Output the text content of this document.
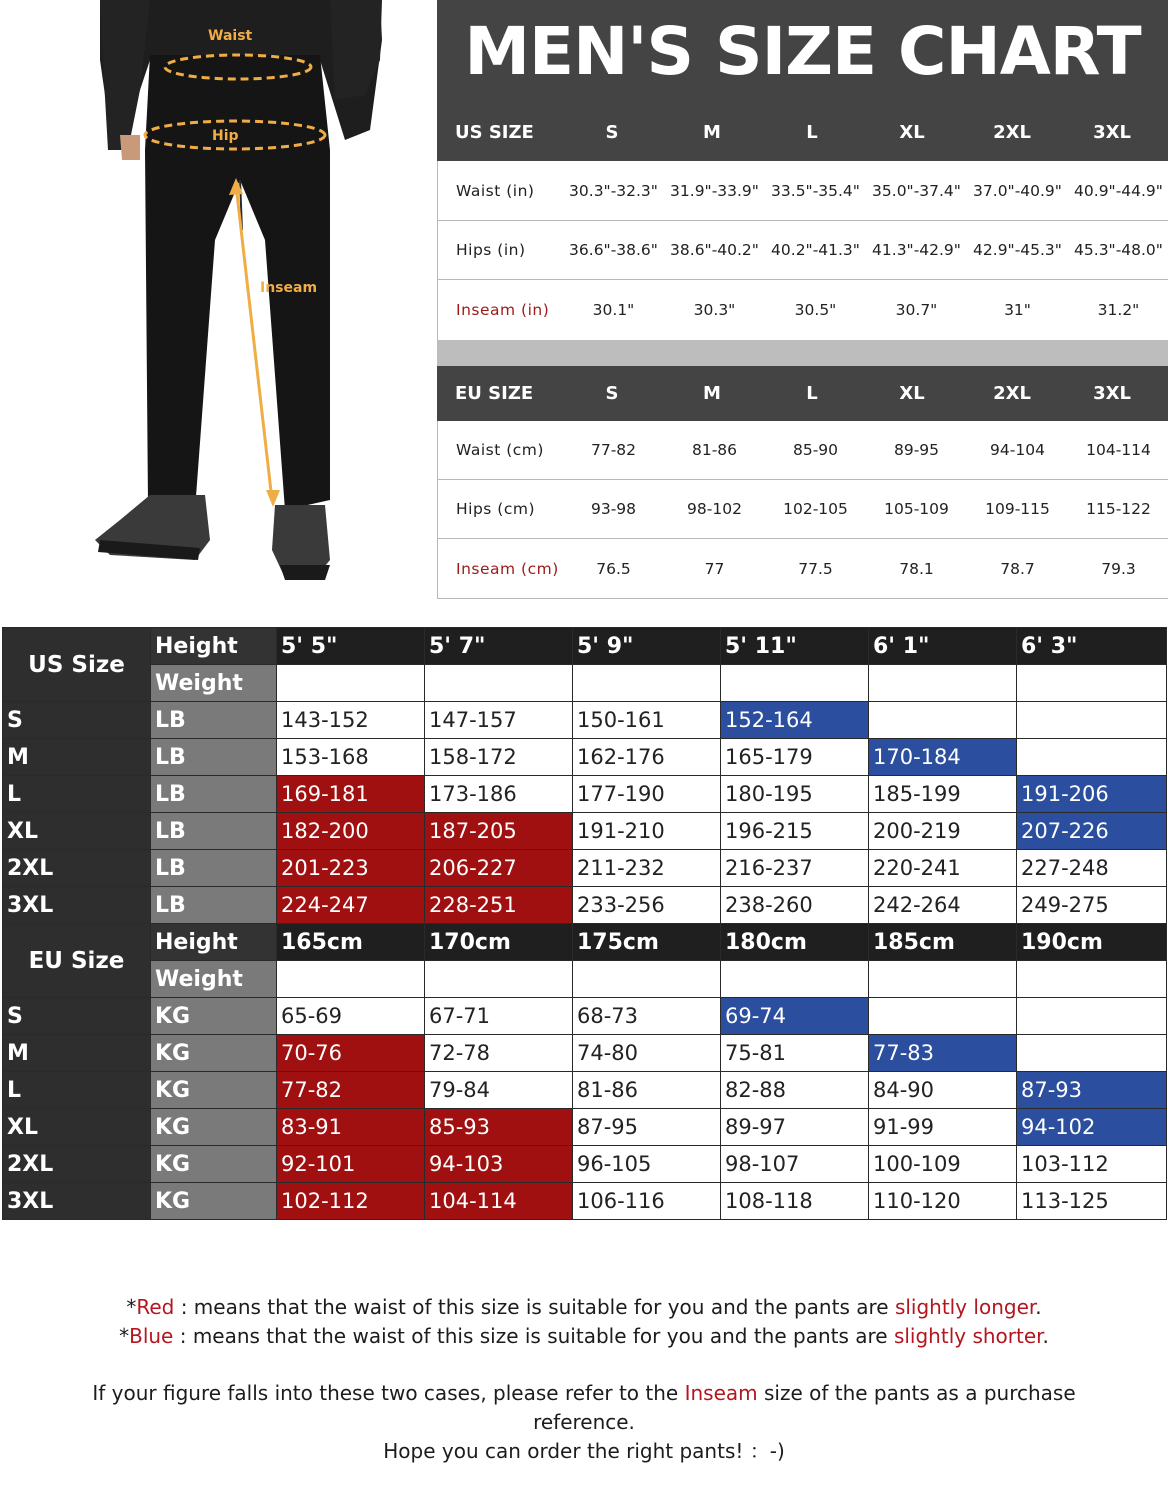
Waist
Hip
Inseam
MEN'S SIZE CHART
US SIZE	S	M	L	XL	2XL	3XL
Waist (in)	30.3"-32.3" 31.9"-33.9" 33.5"-35.4" 35.0"-37.4" 37.0"-40.9" 40.9"-44.9"
Hips (in)	36.6"-38.6" 38.6"-40.2" 40.2"-41.3" 41.3"-42.9" 42.9"-45.3" 45.3"-48.0"
Inseam (in)	30.1"	30.3"	30.5"	30.7"	31"	31.2"
EU SIZE	S	M	L	XL	2XL	3XL
Waist (cm)	77-82	81-86	85-90	89-95	94-104	104-114
Hips (cm)	93-98	98-102	102-105	105-109	109-115	115-122
Inseam (cm)	76.5	77	77.5	78.1	78.7	79.3
US Size	Height	5' 5"	5' 7"	5' 9"	5' 11"	6' 1"	6' 3"
	Weight						
S	LB	143-152	147-157	150-161	152-164		
M	LB	153-168	158-172	162-176	165-179	170-184	
L	LB	169-181	173-186	177-190	180-195	185-199	191-206
XL	LB	182-200	187-205	191-210	196-215	200-219	207-226
2XL	LB	201-223	206-227	211-232	216-237	220-241	227-248
3XL	LB	224-247	228-251	233-256	238-260	242-264	249-275
EU Size	Height	165cm	170cm	175cm	180cm	185cm	190cm
	Weight						
S	KG	65-69	67-71	68-73	69-74		
M	KG	70-76	72-78	74-80	75-81	77-83	
L	KG	77-82	79-84	81-86	82-88	84-90	87-93
XL	KG	83-91	85-93	87-95	89-97	91-99	94-102
2XL	KG	92-101	94-103	96-105	98-107	100-109	103-112
3XL	KG	102-112	104-114	106-116	108-118	110-120	113-125

*Red : means that the waist of this size is suitable for you and the pants are slightly longer.

*Blue : means that the waist of this size is suitable for you and the pants are slightly shorter.

If your figure falls into these two cases, please refer to the Inseam size of the pants as a purchase reference.

Hope you can order the right pants! ：-)
